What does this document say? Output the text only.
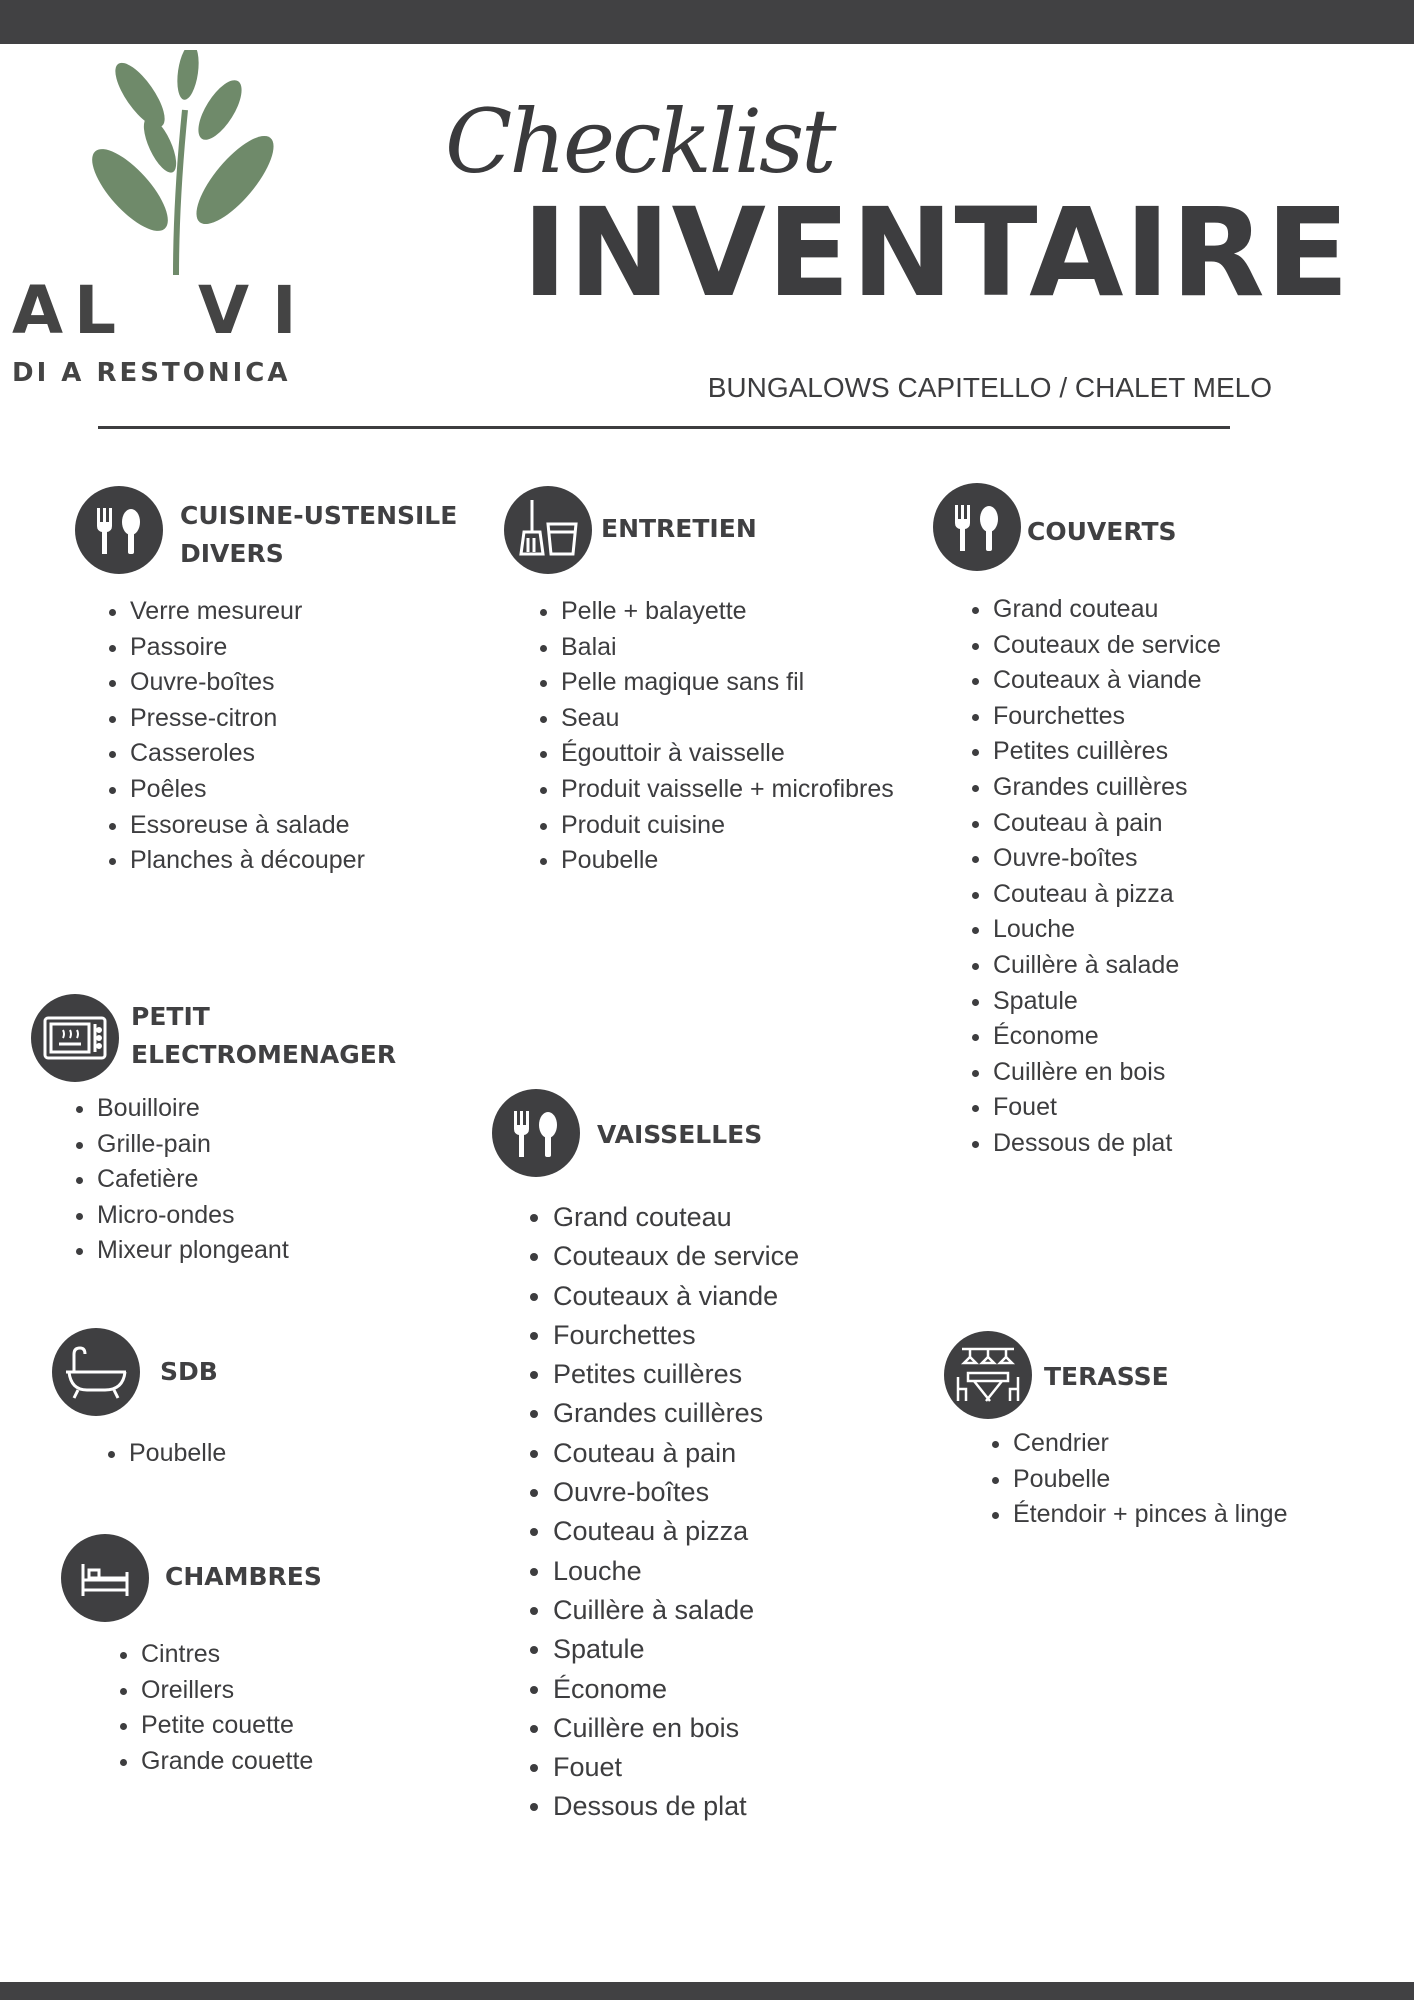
A L V I
DI A RESTONICA
Checklist
INVENTAIRE
BUNGALOWS CAPITELLO / CHALET MELO
CUISINE-USTENSILE
DIVERS
• Verre mesureur
• Passoire
• Ouvre-boîtes
• Presse-citron
• Casseroles
• Poêles
• Essoreuse à salade
• Planches à découper
ENTRETIEN
• Pelle + balayette
• Balai
• Pelle magique sans fil
• Seau
• Égouttoir à vaisselle
• Produit vaisselle + microfibres
• Produit cuisine
• Poubelle
COUVERTS
• Grand couteau
• Couteaux de service
• Couteaux à viande
• Fourchettes
• Petites cuillères
• Grandes cuillères
• Couteau à pain
• Ouvre-boîtes
• Couteau à pizza
• Louche
• Cuillère à salade
• Spatule
• Économe
• Cuillère en bois
• Fouet
• Dessous de plat
PETIT
ELECTROMENAGER
• Bouilloire
• Grille-pain
• Cafetière
• Micro-ondes
• Mixeur plongeant
VAISSELLES
• Grand couteau
• Couteaux de service
• Couteaux à viande
• Fourchettes
• Petites cuillères
• Grandes cuillères
• Couteau à pain
• Ouvre-boîtes
• Couteau à pizza
• Louche
• Cuillère à salade
• Spatule
• Économe
• Cuillère en bois
• Fouet
• Dessous de plat
SDB
• Poubelle
TERASSE
• Cendrier
• Poubelle
• Étendoir + pinces à linge
CHAMBRES
• Cintres
• Oreillers
• Petite couette
• Grande couette
